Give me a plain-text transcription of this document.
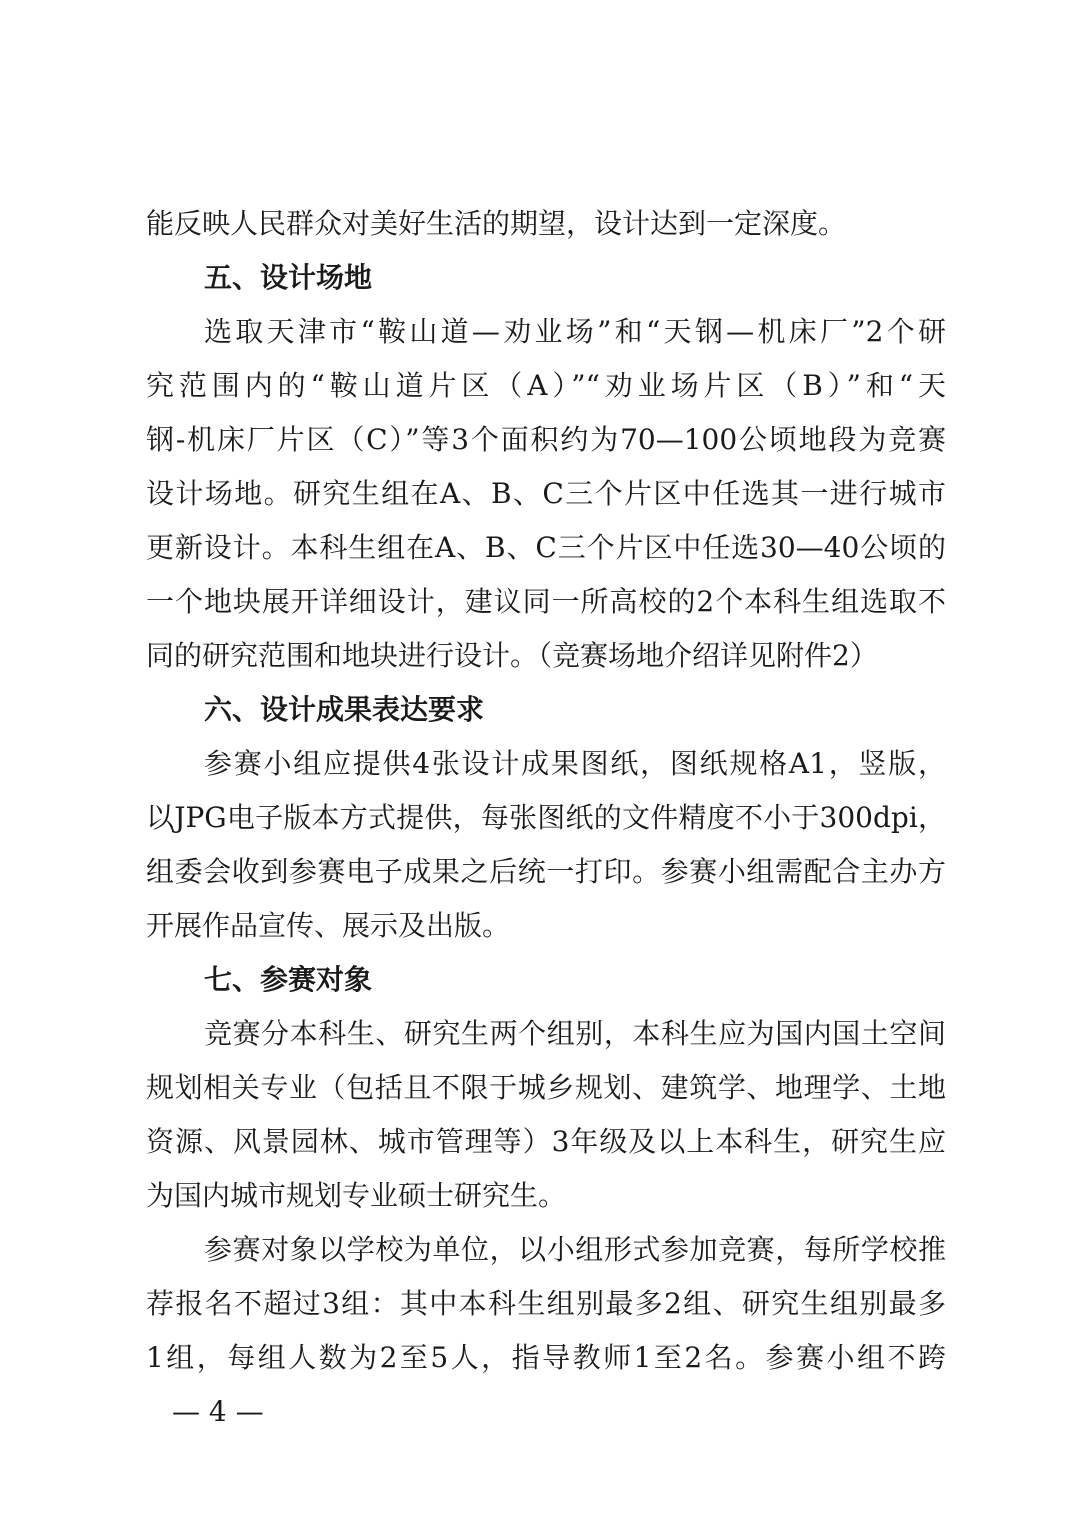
能反映人民群众对美好生活的期望，设计达到一定深度。
五、设计场地
选取天津市“鞍山道—劝业场”和“天钢—机床厂”2个研
究范围内的“鞍山道片区（A）”“劝业场片区（B）”和“天
钢-机床厂片区（C）”等3个面积约为70—100公顷地段为竞赛
设计场地。研究生组在A、B、C三个片区中任选其一进行城市
更新设计。本科生组在A、B、C三个片区中任选30—40公顷的
一个地块展开详细设计，建议同一所高校的2个本科生组选取不
同的研究范围和地块进行设计。（竞赛场地介绍详见附件2）
六、设计成果表达要求
参赛小组应提供4张设计成果图纸，图纸规格A1，竖版，
以JPG电子版本方式提供，每张图纸的文件精度不小于300dpi，
组委会收到参赛电子成果之后统一打印。参赛小组需配合主办方
开展作品宣传、展示及出版。
七、参赛对象
竞赛分本科生、研究生两个组别，本科生应为国内国土空间
规划相关专业（包括且不限于城乡规划、建筑学、地理学、土地
资源、风景园林、城市管理等）3年级及以上本科生，研究生应
为国内城市规划专业硕士研究生。
参赛对象以学校为单位，以小组形式参加竞赛，每所学校推
荐报名不超过3组：其中本科生组别最多2组、研究生组别最多
1组，每组人数为2至5人，指导教师1至2名。参赛小组不跨
— 4 —
